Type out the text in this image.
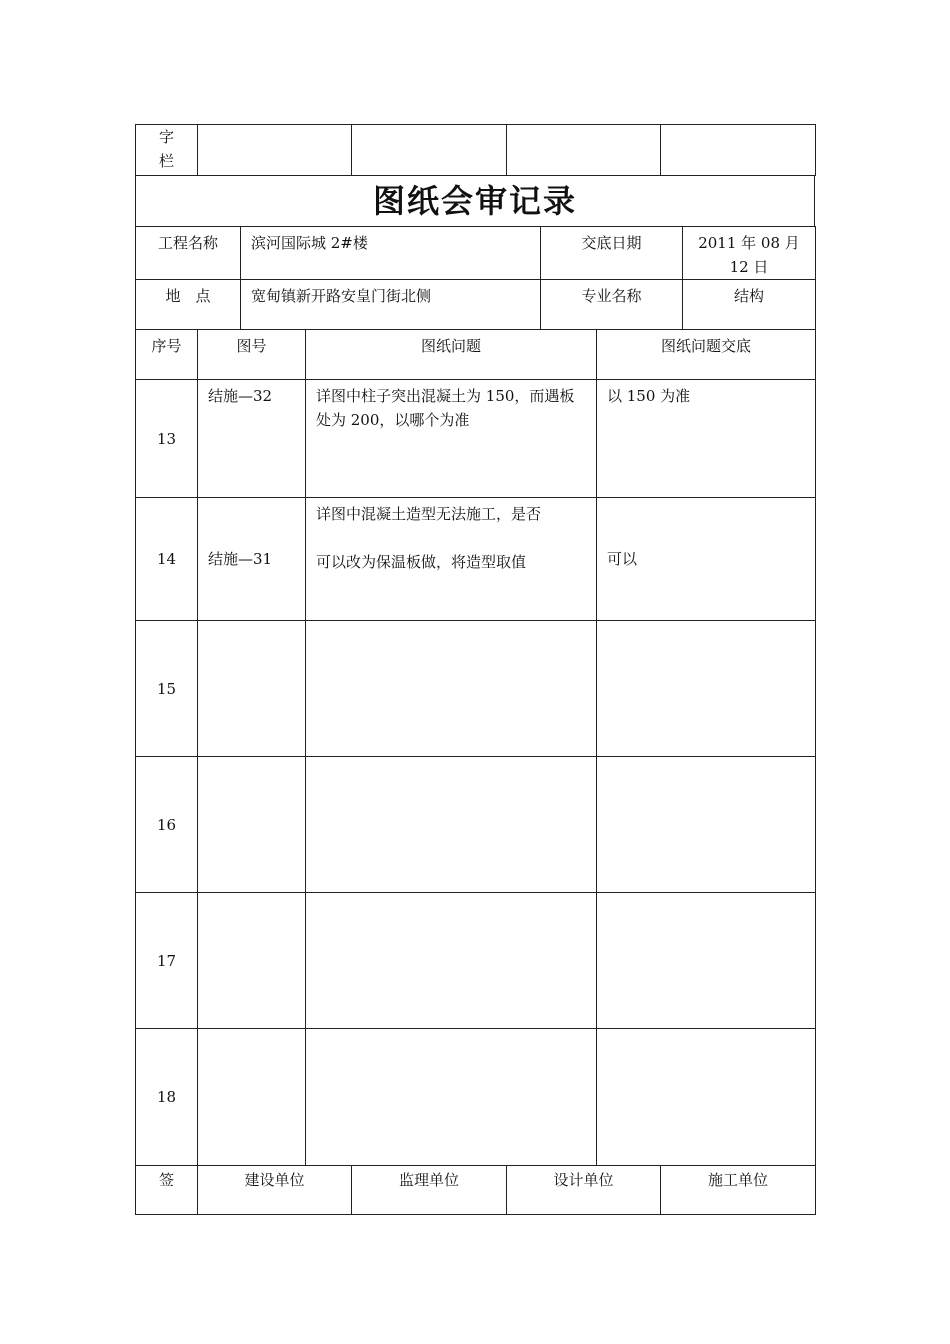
字
栏

图纸会审记录
工程名称	滨河国际城 2#楼	交底日期	2011 年 08 月
12 日

地　点	宽甸镇新开路安皇门街北侧	专业名称	结构
序号	图号	图纸问题	图纸问题交底
13	结施—32	详图中柱子突出混凝土为 150，而遇板
处为 200，以哪个为准	以 150 为准
14	结施—31	详图中混凝土造型无法施工，是否
可以改为保温板做，将造型取值	可以
15			
16			
17			
18			
签	建设单位	监理单位	设计单位	施工单位
